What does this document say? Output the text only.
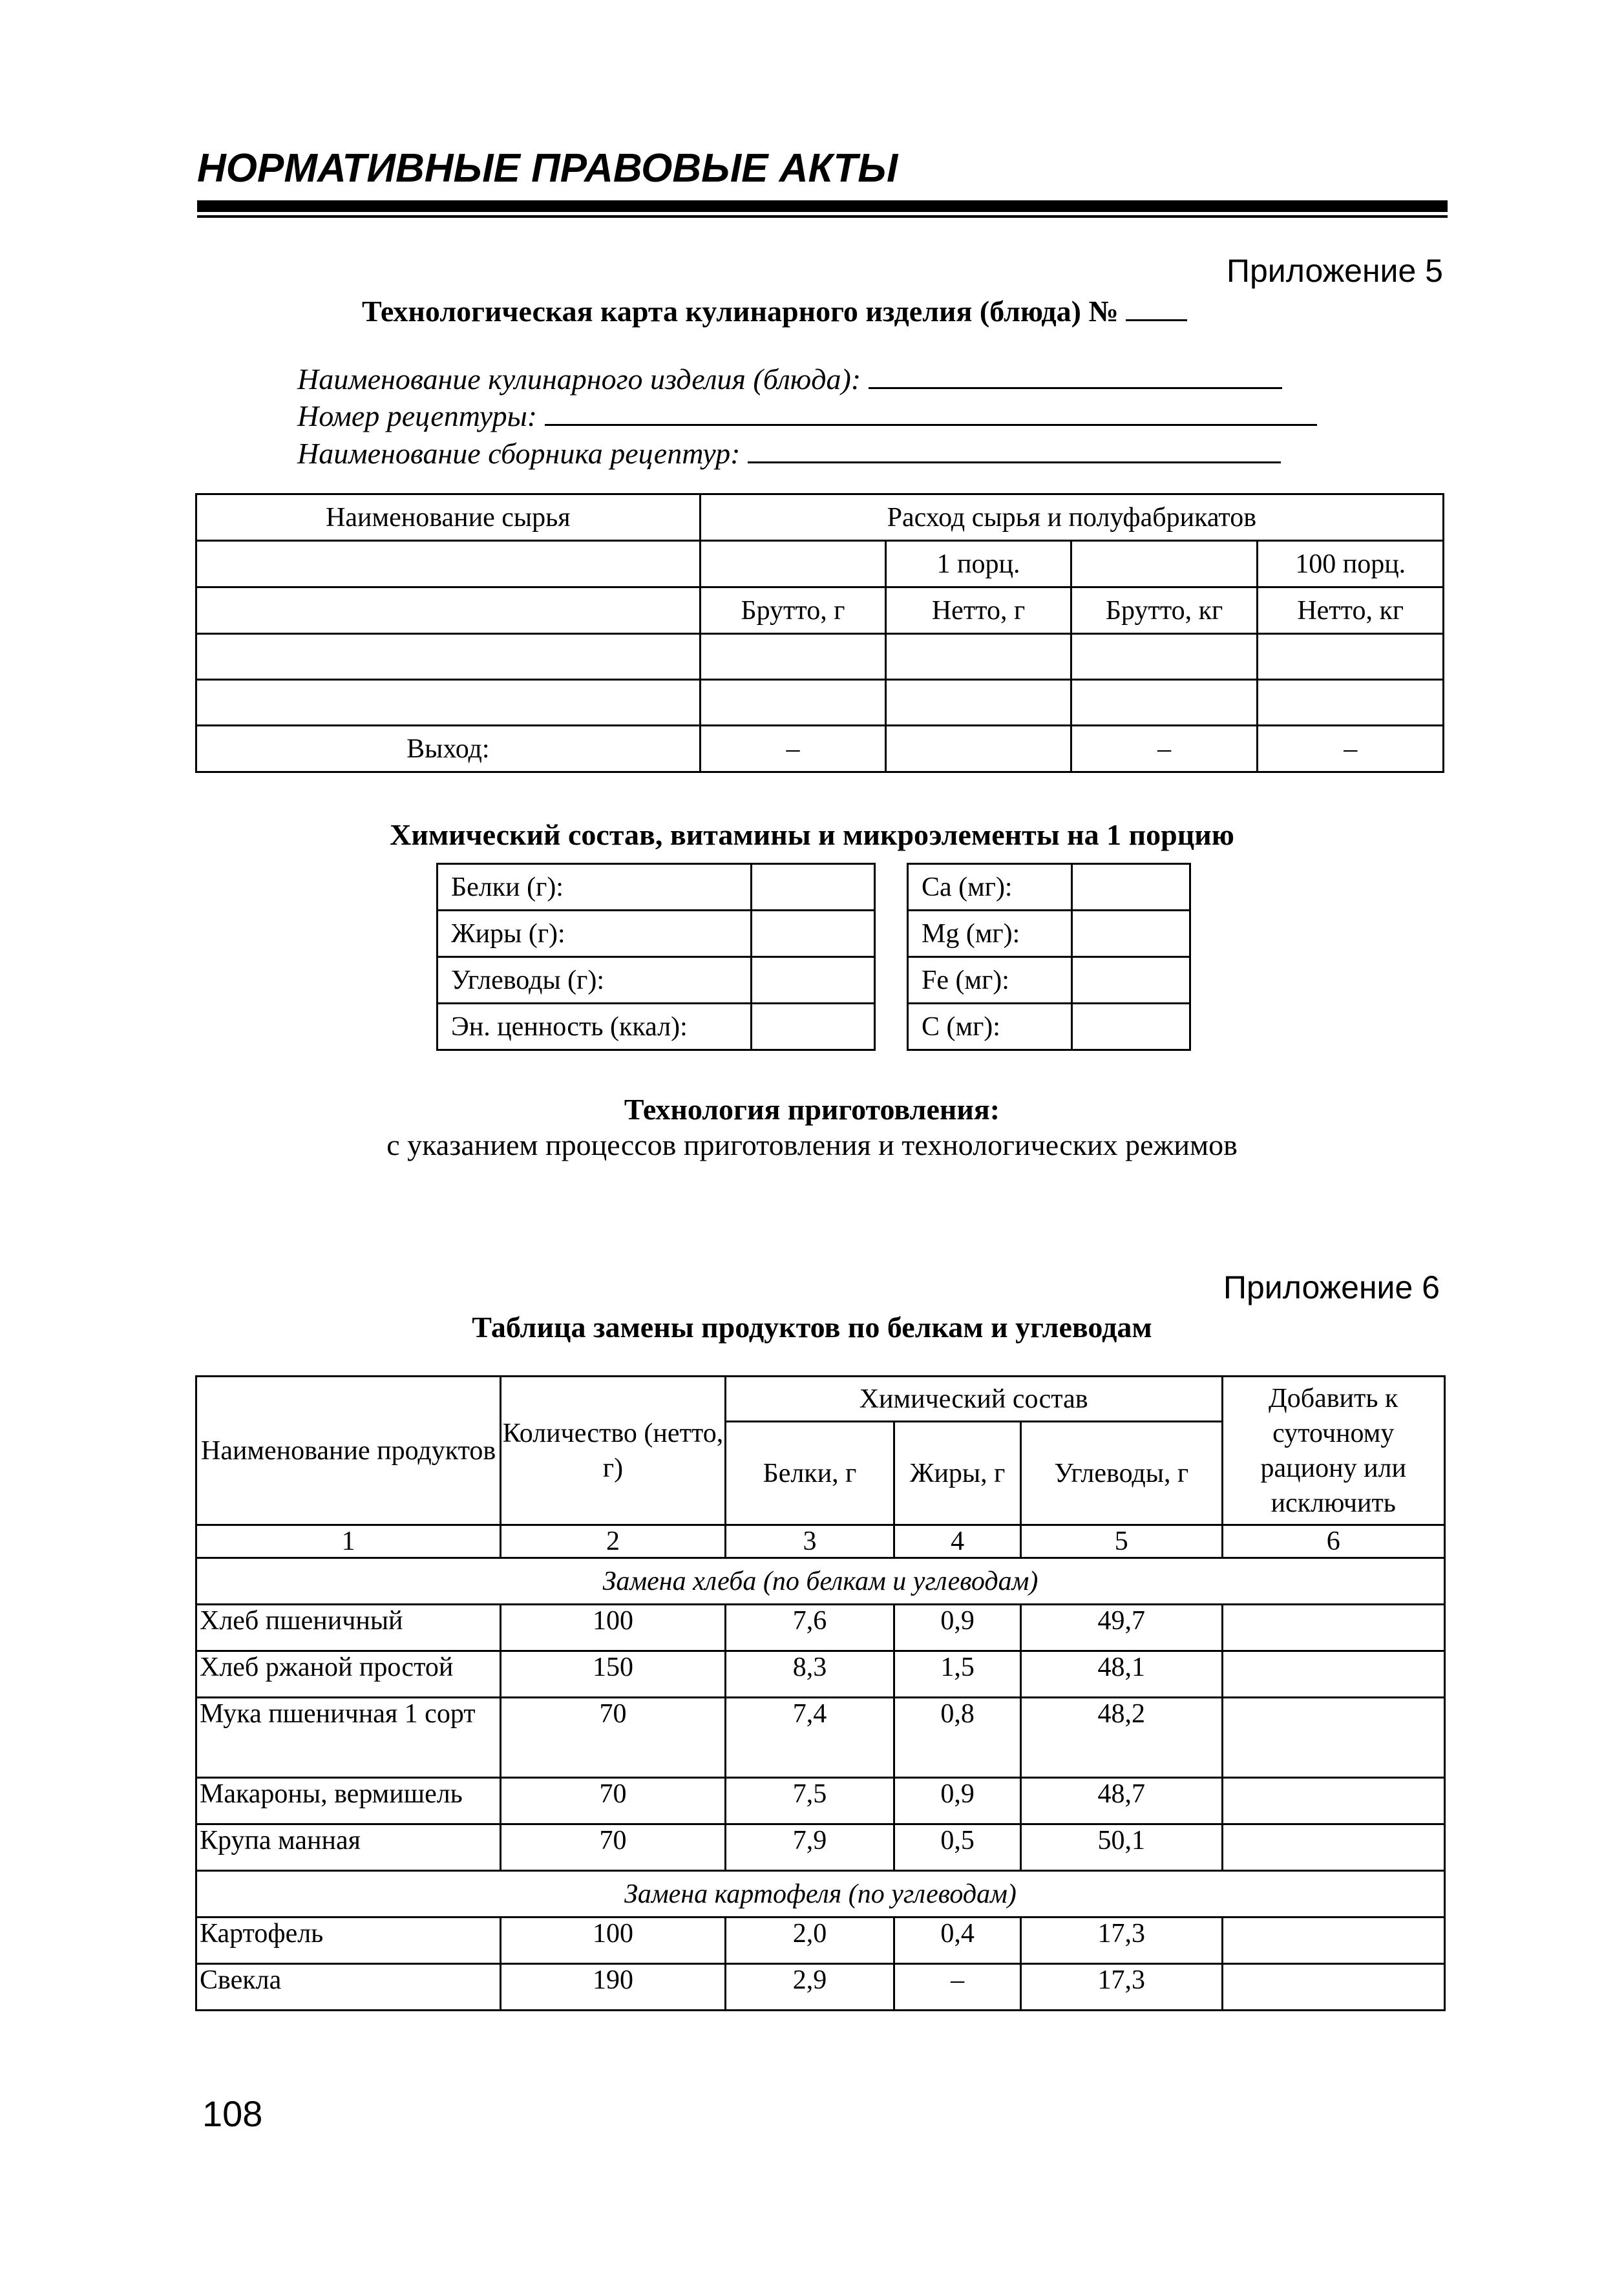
НОРМАТИВНЫЕ ПРАВОВЫЕ АКТЫ
Приложение 5
Технологическая карта кулинарного изделия (блюда) №
Наименование кулинарного изделия (блюда):
Номер рецептуры:
Наименование сборника рецептур:
Наименование сырья	Расход сырья и полуфабрикатов			
		1 порц.		100 порц.
	Брутто, г	Нетто, г	Брутто, кг	Нетто, кг

Выход:	–		–	–
Химический состав, витамины и микроэлементы на 1 порцию
Белки (г):	
Жиры (г):	
Углеводы (г):	
Эн. ценность (ккал):	
Ca (мг):	
Mg (мг):	
Fe (мг):	
C (мг):	
Технология приготовления:
с указанием процессов приготовления и технологических режимов
Приложение 6
Таблица замены продуктов по белкам и углеводам
Наименование продуктов	Количество (нетто, г)	Химический состав			Добавить к суточному рациону или исключить
		Белки, г	Жиры, г	Углеводы, г	
1	2	3	4	5	6
Замена хлеба (по белкам и углеводам)					
Хлеб пшеничный	100	7,6	0,9	49,7	
Хлеб ржаной простой	150	8,3	1,5	48,1	
Мука пшеничная 1 сорт	70	7,4	0,8	48,2	
Макароны, вермишель	70	7,5	0,9	48,7	
Крупа манная	70	7,9	0,5	50,1	
Замена картофеля (по углеводам)					
Картофель	100	2,0	0,4	17,3	
Свекла	190	2,9	–	17,3	
108
